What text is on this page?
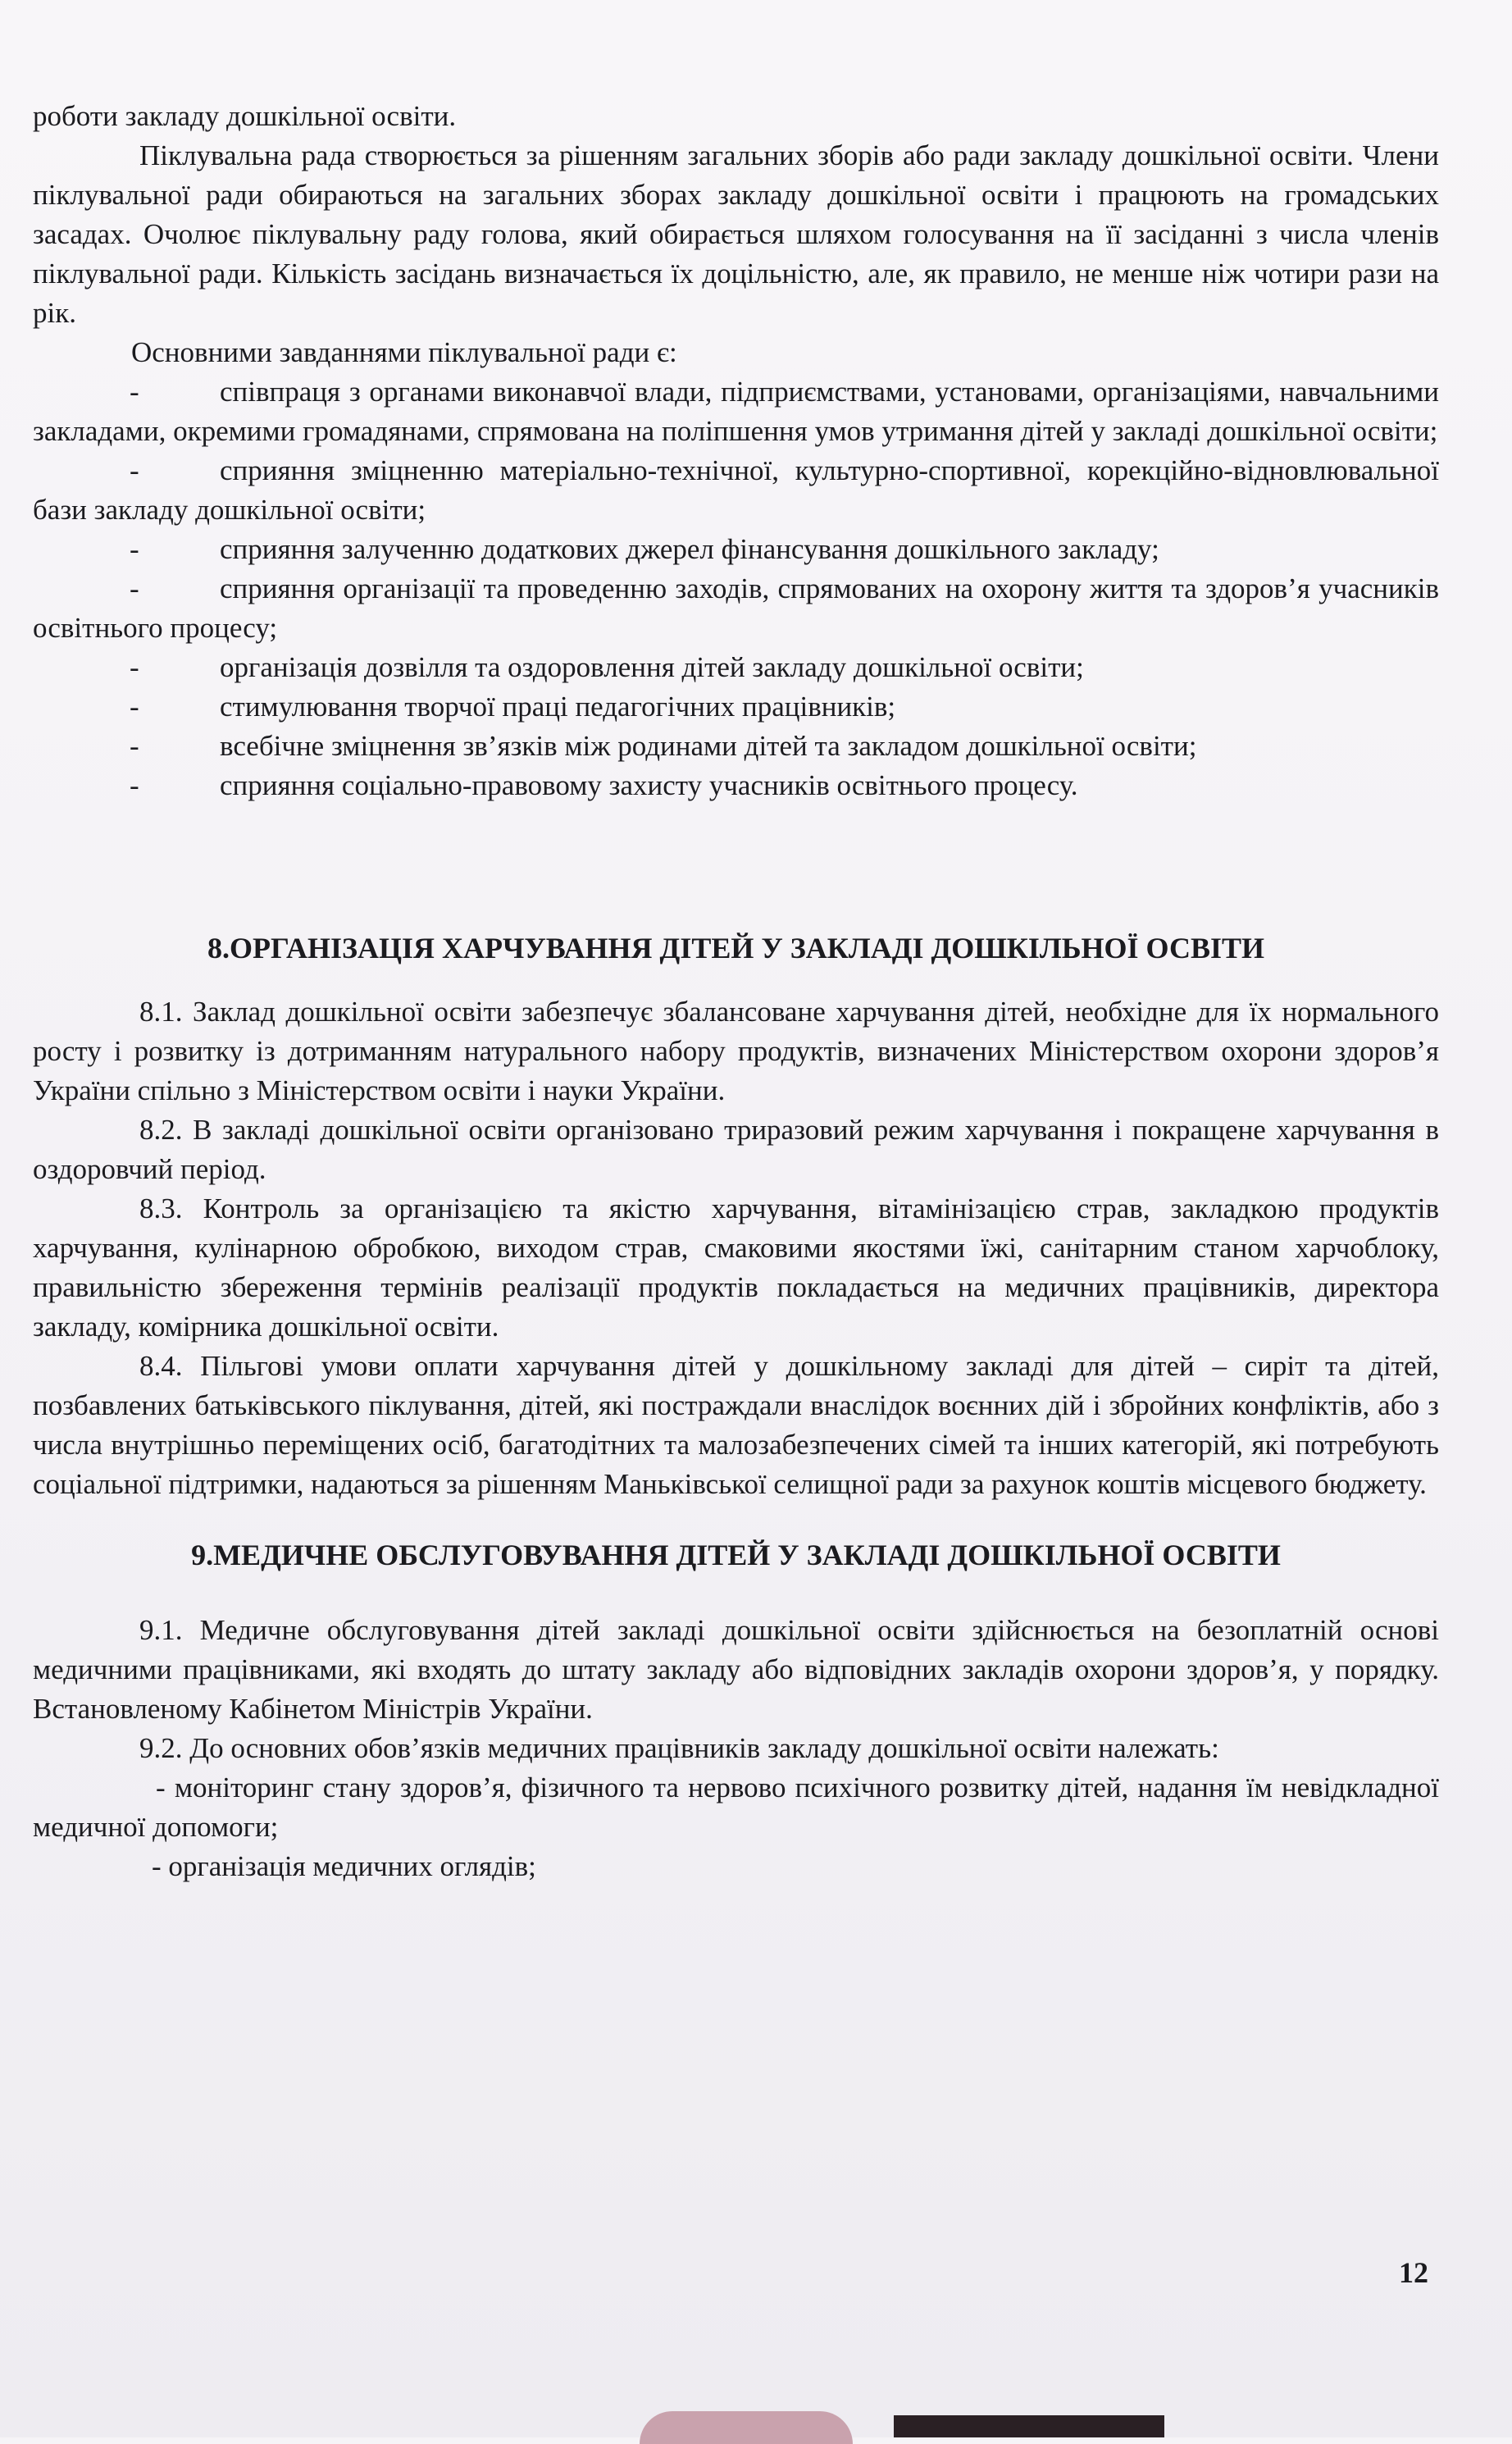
роботи закладу дошкільної освіти.

Піклувальна рада створюється за рішенням загальних зборів або ради закладу дошкільної освіти. Члени піклувальної ради обираються на загальних зборах закладу дошкільної освіти і працюють на громадських засадах. Очолює піклувальну раду голова, який обирається шляхом голосування на її засіданні з числа членів піклувальної ради. Кількість засідань визначається їх доцільністю, але, як правило, не менше ніж чотири рази на рік.

Основними завданнями піклувальної ради є:

-	співпраця з органами виконавчої влади, підприємствами, установами, організаціями, навчальними закладами, окремими громадянами, спрямована на поліпшення умов утримання дітей у закладі дошкільної освіти;

-	сприяння зміцненню матеріально-технічної, культурно-спортивної, корекційно-відновлювальної бази закладу дошкільної освіти;

-	сприяння залученню додаткових джерел фінансування дошкільного закладу;

-	сприяння організації та проведенню заходів, спрямованих на охорону життя та здоров’я учасників освітнього процесу;

-	організація дозвілля та оздоровлення дітей закладу дошкільної освіти;

-	стимулювання творчої праці педагогічних працівників;

-	всебічне зміцнення зв’язків між родинами дітей та закладом дошкільної освіти;

-	сприяння соціально-правовому захисту учасників освітнього процесу.

8.ОРГАНІЗАЦІЯ ХАРЧУВАННЯ ДІТЕЙ У ЗАКЛАДІ ДОШКІЛЬНОЇ ОСВІТИ

8.1. Заклад дошкільної освіти забезпечує збалансоване харчування дітей, необхідне для їх нормального росту і розвитку із дотриманням натурального набору продуктів, визначених Міністерством охорони здоров’я України спільно з Міністерством освіти і науки України.

8.2. В закладі дошкільної освіти організовано триразовий режим харчування і покращене харчування в оздоровчий період.

8.3. Контроль за організацією та якістю харчування, вітамінізацією страв, закладкою продуктів харчування, кулінарною обробкою, виходом страв, смаковими якостями їжі, санітарним станом харчоблоку, правильністю збереження термінів реалізації продуктів покладається на медичних працівників, директора закладу, комірника дошкільної освіти.

8.4. Пільгові умови оплати харчування дітей у дошкільному закладі для дітей – сиріт та дітей, позбавлених батьківського піклування, дітей, які постраждали внаслідок воєнних дій і збройних конфліктів, або з числа внутрішньо переміщених осіб, багатодітних та малозабезпечених сімей та інших категорій, які потребують соціальної підтримки, надаються за рішенням Маньківської селищної ради за рахунок коштів місцевого бюджету.

9.МЕДИЧНЕ ОБСЛУГОВУВАННЯ ДІТЕЙ У ЗАКЛАДІ ДОШКІЛЬНОЇ ОСВІТИ

9.1. Медичне обслуговування дітей закладі дошкільної освіти здійснюється на безоплатній основі медичними працівниками, які входять до штату закладу або відповідних закладів охорони здоров’я, у порядку. Встановленому Кабінетом Міністрів України.

9.2. До основних обов’язків медичних працівників закладу дошкільної освіти належать:

- моніторинг стану здоров’я, фізичного та нервово психічного розвитку дітей, надання їм невідкладної медичної допомоги;

- організація медичних оглядів;

12
